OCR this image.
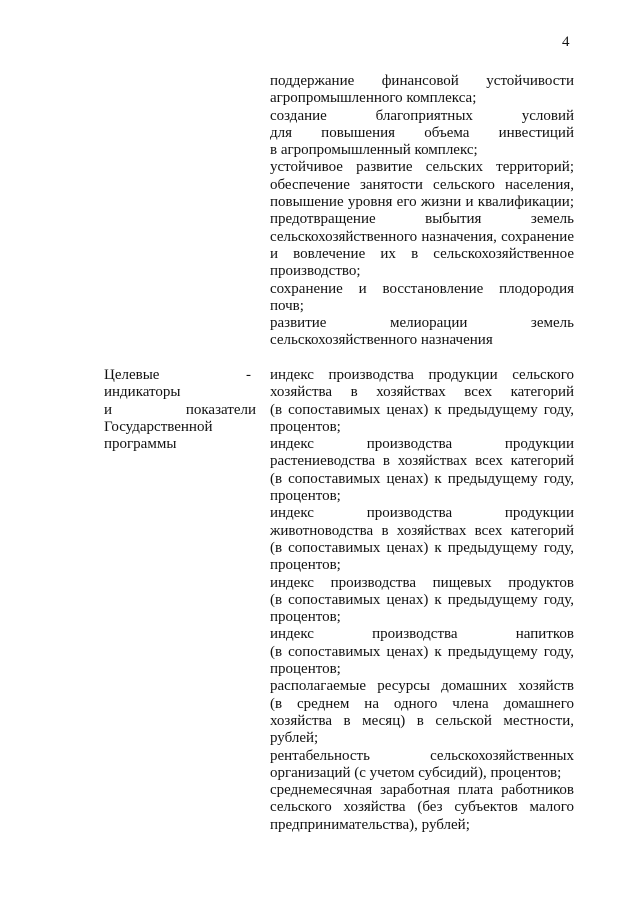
4
поддержание финансовой устойчивости
агропромышленного комплекса;
создание благоприятных условий
для повышения объема инвестиций
в агропромышленный комплекс;
устойчивое развитие сельских территорий;
обеспечение занятости сельского населения,
повышение уровня его жизни и квалификации;
предотвращение выбытия земель
сельскохозяйственного назначения, сохранение
и вовлечение их в сельскохозяйственное
производство;
сохранение и восстановление плодородия
почв;
развитие мелиорации земель
сельскохозяйственного назначения
индекс производства продукции сельского
хозяйства в хозяйствах всех категорий
(в сопоставимых ценах) к предыдущему году,
процентов;
индекс производства продукции
растениеводства в хозяйствах всех категорий
(в сопоставимых ценах) к предыдущему году,
процентов;
индекс производства продукции
животноводства в хозяйствах всех категорий
(в сопоставимых ценах) к предыдущему году,
процентов;
индекс производства пищевых продуктов
(в сопоставимых ценах) к предыдущему году,
процентов;
индекс производства напитков
(в сопоставимых ценах) к предыдущему году,
процентов;
располагаемые ресурсы домашних хозяйств
(в среднем на одного члена домашнего
хозяйства в месяц) в сельской местности,
рублей;
рентабельность сельскохозяйственных
организаций (с учетом субсидий), процентов;
среднемесячная заработная плата работников
сельского хозяйства (без субъектов малого
предпринимательства), рублей;
Целевые
индикаторы
и показатели
Государственной
программы
-
